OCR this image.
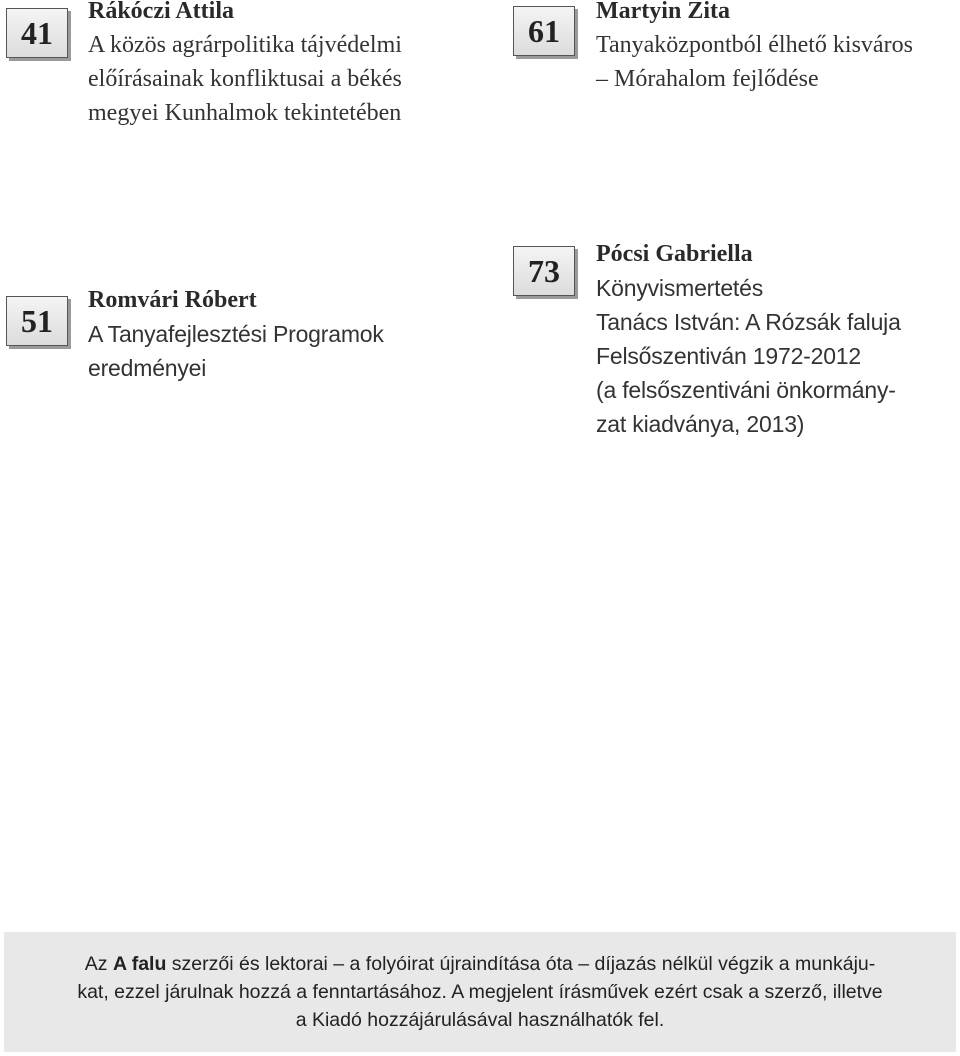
41
Rákóczi Attila
A közös agrárpolitika tájvédelmi
előírásainak konfliktusai a békés
megyei Kunhalmok tekintetében
61
Martyin Zita
Tanyaközpontból élhető kisváros
– Mórahalom fejlődése
51
Romvári Róbert
A Tanyafejlesztési Programok
eredményei
73	Pócsi Gabriella
Könyvismertetés
Tanács István: A Rózsák faluja
Felsőszentiván 1972-2012
(a felsőszentiváni önkormány-
zat kiadványa, 2013)
Az A falu szerzői és lektorai – a folyóirat újraindítása óta – díjazás nélkül végzik a munkáju-
kat, ezzel járulnak hozzá a fenntartásához. A megjelent írásművek ezért csak a szerző, illetve
a Kiadó hozzájárulásával használhatók fel.
